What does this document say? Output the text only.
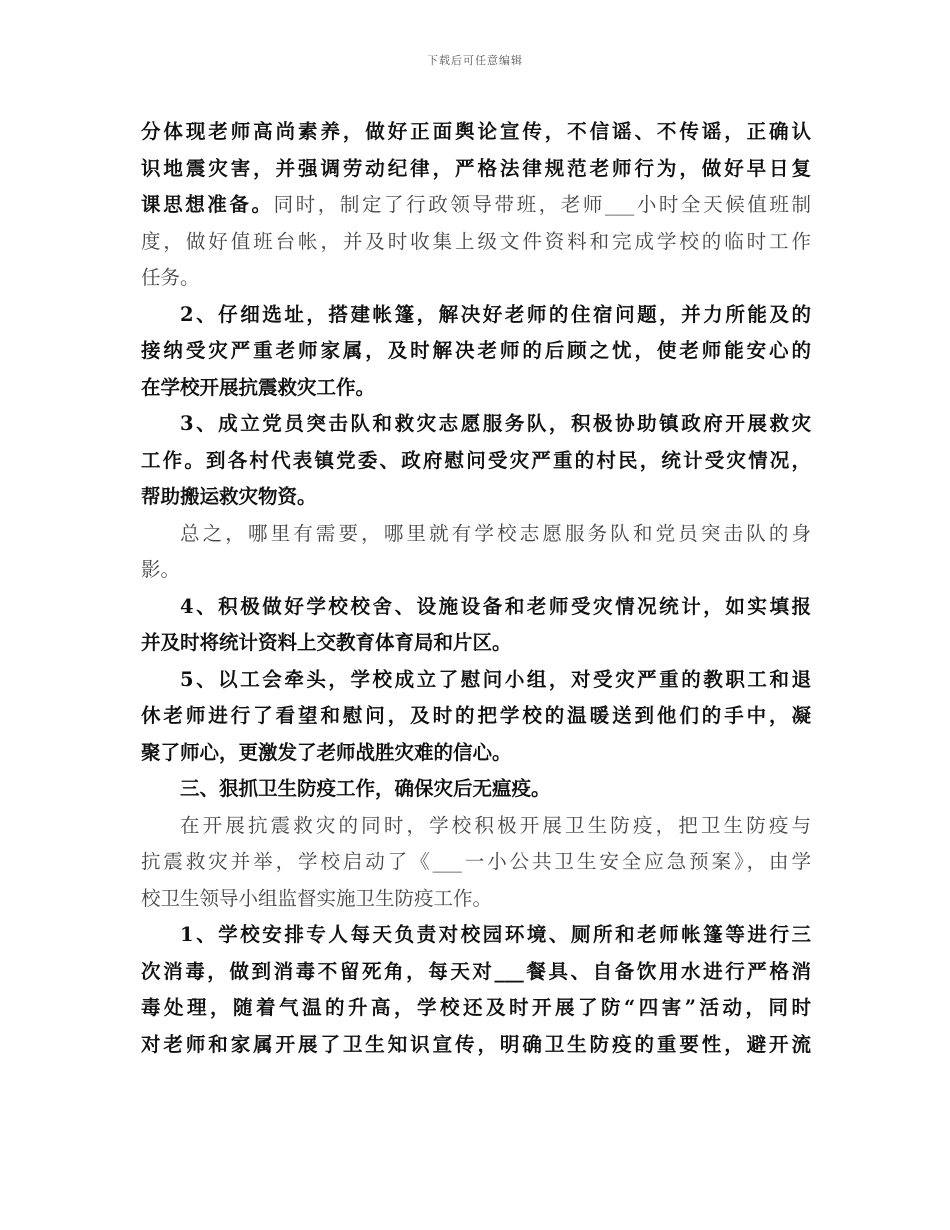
下载后可任意编辑
分体现老师高尚素养，做好正面舆论宣传，不信谣、不传谣，正确认
识地震灾害，并强调劳动纪律，严格法律规范老师行为，做好早日复
课思想准备。同时，制定了行政领导带班，老师___小时全天候值班制
度，做好值班台帐，并及时收集上级文件资料和完成学校的临时工作
任务。
2、仔细选址，搭建帐篷，解决好老师的住宿问题，并力所能及的
接纳受灾严重老师家属，及时解决老师的后顾之忧，使老师能安心的
在学校开展抗震救灾工作。
3、成立党员突击队和救灾志愿服务队，积极协助镇政府开展救灾
工作。到各村代表镇党委、政府慰问受灾严重的村民，统计受灾情况，
帮助搬运救灾物资。
总之，哪里有需要，哪里就有学校志愿服务队和党员突击队的身
影。
4、积极做好学校校舍、设施设备和老师受灾情况统计，如实填报
并及时将统计资料上交教育体育局和片区。
5、以工会牵头，学校成立了慰问小组，对受灾严重的教职工和退
休老师进行了看望和慰问，及时的把学校的温暖送到他们的手中，凝
聚了师心，更激发了老师战胜灾难的信心。
三、狠抓卫生防疫工作，确保灾后无瘟疫。
在开展抗震救灾的同时，学校积极开展卫生防疫，把卫生防疫与
抗震救灾并举，学校启动了《___一小公共卫生安全应急预案》，由学
校卫生领导小组监督实施卫生防疫工作。
1、学校安排专人每天负责对校园环境、厕所和老师帐篷等进行三
次消毒，做到消毒不留死角，每天对___餐具、自备饮用水进行严格消
毒处理，随着气温的升高，学校还及时开展了防“四害”活动，同时
对老师和家属开展了卫生知识宣传，明确卫生防疫的重要性，避开流
